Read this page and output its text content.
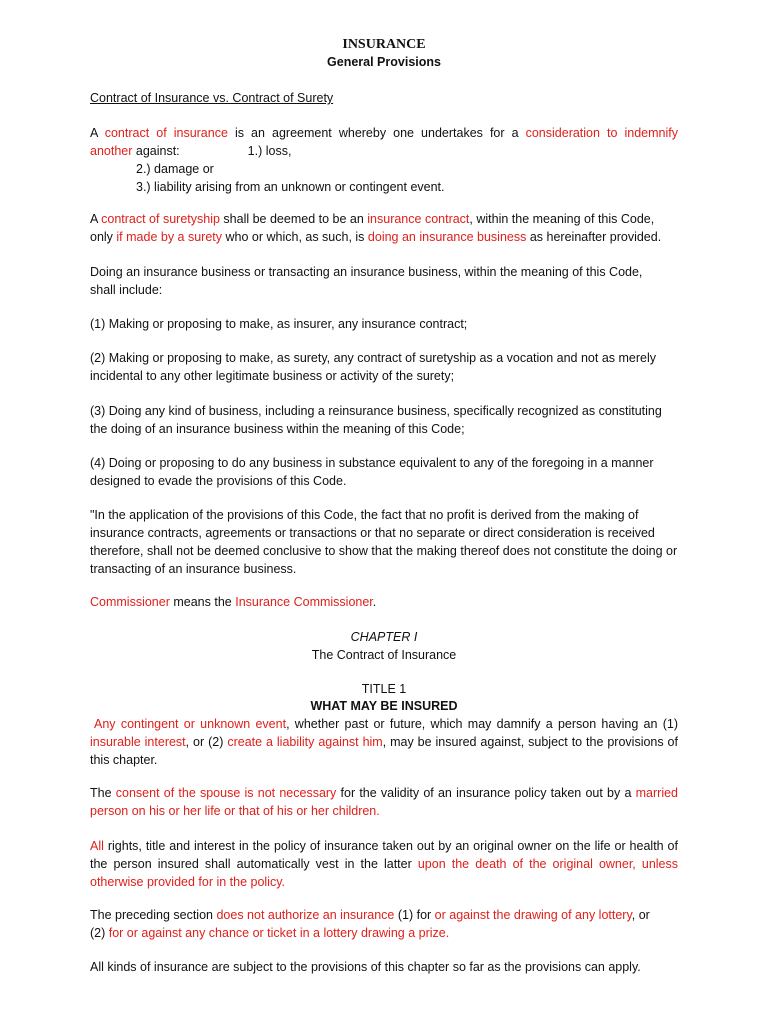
INSURANCE
General Provisions
Contract of Insurance vs. Contract of Surety
A contract of insurance is an agreement whereby one undertakes for a consideration to indemnify
another against:	1.) loss,
2.) damage or
3.) liability arising from an unknown or contingent event.
A contract of suretyship shall be deemed to be an insurance contract, within the meaning of this Code,
only if made by a surety who or which, as such, is doing an insurance business as hereinafter provided.
Doing an insurance business or transacting an insurance business, within the meaning of this Code, shall include:
(1) Making or proposing to make, as insurer, any insurance contract;
(2) Making or proposing to make, as surety, any contract of suretyship as a vocation and not as merely incidental to any other legitimate business or activity of the surety;
(3) Doing any kind of business, including a reinsurance business, specifically recognized as constituting the doing of an insurance business within the meaning of this Code;
(4) Doing or proposing to do any business in substance equivalent to any of the foregoing in a manner designed to evade the provisions of this Code.
"In the application of the provisions of this Code, the fact that no profit is derived from the making of insurance contracts, agreements or transactions or that no separate or direct consideration is received therefore, shall not be deemed conclusive to show that the making thereof does not constitute the doing or transacting of an insurance business.
Commissioner means the Insurance Commissioner.
CHAPTER I
The Contract of Insurance
TITLE 1
WHAT MAY BE INSURED
Any contingent or unknown event, whether past or future, which may damnify a person having an (1) insurable interest, or (2) create a liability against him, may be insured against, subject to the provisions of this chapter.
The consent of the spouse is not necessary for the validity of an insurance policy taken out by a married person on his or her life or that of his or her children.
All rights, title and interest in the policy of insurance taken out by an original owner on the life or health of the person insured shall automatically vest in the latter upon the death of the original owner, unless otherwise provided for in the policy.
The preceding section does not authorize an insurance (1) for or against the drawing of any lottery, or
(2) for or against any chance or ticket in a lottery drawing a prize.
All kinds of insurance are subject to the provisions of this chapter so far as the provisions can apply.
